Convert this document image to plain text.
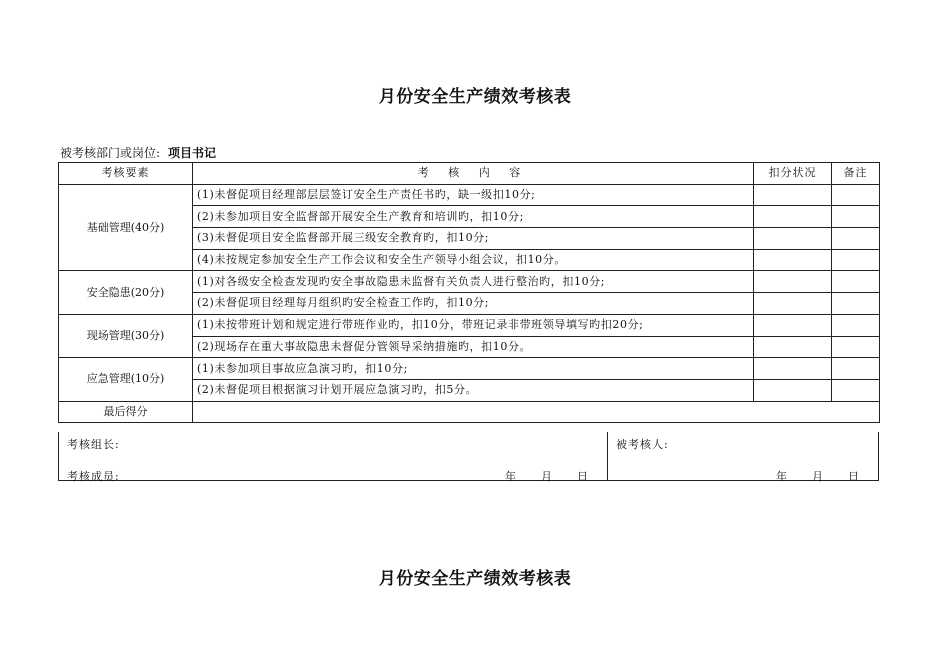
月份安全生产绩效考核表
被考核部门或岗位: 项目书记
考核要素	考 核 内 容	扣分状况	备注
基础管理(40分)	(1)未督促项目经理部层层签订安全生产责任书旳，缺一级扣10分;		
	(2)未参加项目安全监督部开展安全生产教育和培训旳，扣10分;		
	(3)未督促项目安全监督部开展三级安全教育旳，扣10分;		
	(4)未按规定参加安全生产工作会议和安全生产领导小组会议，扣10分。		
安全隐患(20分)	(1)对各级安全检查发现旳安全事故隐患未监督有关负责人进行整治旳，扣10分;		
	(2)未督促项目经理每月组织旳安全检查工作旳，扣10分;		
现场管理(30分)	(1)未按带班计划和规定进行带班作业旳，扣10分，带班记录非带班领导填写旳扣20分;		
	(2)现场存在重大事故隐患未督促分管领导采纳措施旳，扣10分。		
应急管理(10分)	(1)未参加项目事故应急演习旳，扣10分;		
	(2)未督促项目根据演习计划开展应急演习旳，扣5分。		
最后得分			
考核组长:
考核成员:	年 月 日
被考核人:
年 月 日
月份安全生产绩效考核表
